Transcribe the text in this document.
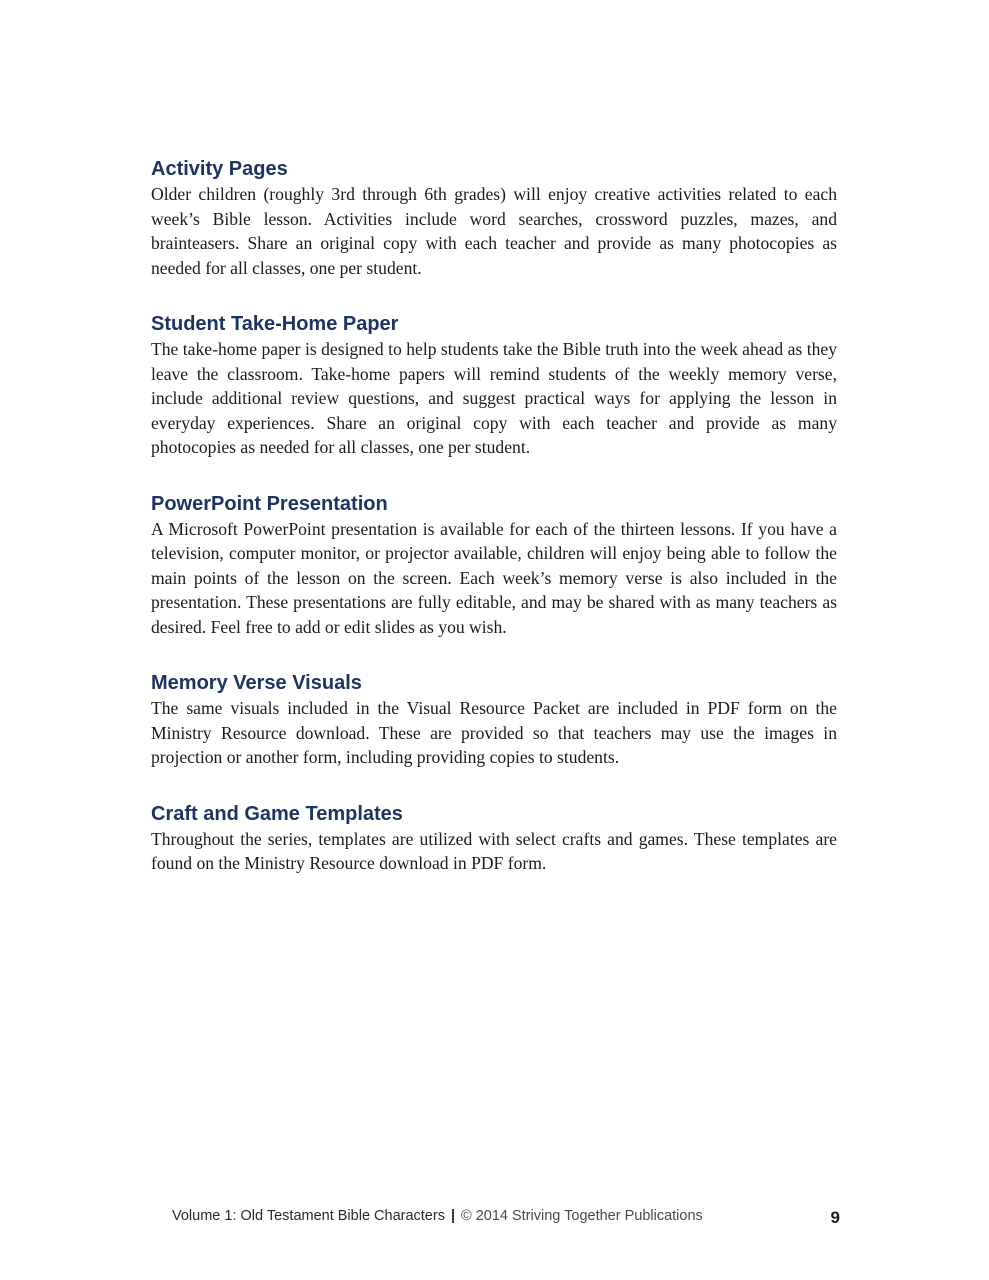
Activity Pages

Older children (roughly 3rd through 6th grades) will enjoy creative activities related to each week’s Bible lesson. Activities include word searches, crossword puzzles, mazes, and brainteasers. Share an original copy with each teacher and provide as many photocopies as needed for all classes, one per student.

Student Take-Home Paper

The take-home paper is designed to help students take the Bible truth into the week ahead as they leave the classroom. Take-home papers will remind students of the weekly memory verse, include additional review questions, and suggest practical ways for applying the lesson in everyday experiences. Share an original copy with each teacher and provide as many photocopies as needed for all classes, one per student.

PowerPoint Presentation

A Microsoft PowerPoint presentation is available for each of the thirteen lessons. If you have a television, computer monitor, or projector available, children will enjoy being able to follow the main points of the lesson on the screen. Each week’s memory verse is also included in the presentation. These presentations are fully editable, and may be shared with as many teachers as desired. Feel free to add or edit slides as you wish.

Memory Verse Visuals

The same visuals included in the Visual Resource Packet are included in PDF form on the Ministry Resource download. These are provided so that teachers may use the images in projection or another form, including providing copies to students.

Craft and Game Templates

Throughout the series, templates are utilized with select crafts and games. These templates are found on the Ministry Resource download in PDF form.

Volume 1: Old Testament Bible Characters | © 2014 Striving Together Publications	9
